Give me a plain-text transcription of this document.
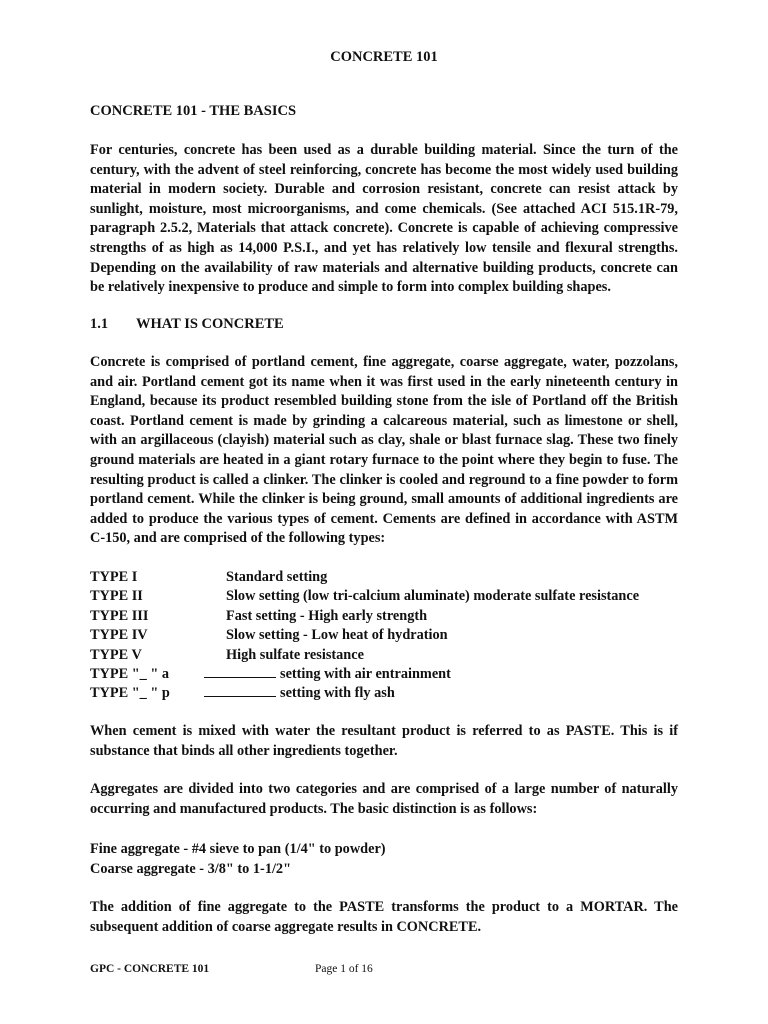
CONCRETE 101
CONCRETE 101 - THE BASICS
For centuries, concrete has been used as a durable building material. Since the turn of the century, with the advent of steel reinforcing, concrete has become the most widely used building material in modern society. Durable and corrosion resistant, concrete can resist attack by sunlight, moisture, most microorganisms, and come chemicals. (See attached ACI 515.1R-79, paragraph 2.5.2, Materials that attack concrete). Concrete is capable of achieving compressive strengths of as high as 14,000 P.S.I., and yet has relatively low tensile and flexural strengths. Depending on the availability of raw materials and alternative building products, concrete can be relatively inexpensive to produce and simple to form into complex building shapes.
1.1 WHAT IS CONCRETE
Concrete is comprised of portland cement, fine aggregate, coarse aggregate, water, pozzolans, and air. Portland cement got its name when it was first used in the early nineteenth century in England, because its product resembled building stone from the isle of Portland off the British coast. Portland cement is made by grinding a calcareous material, such as limestone or shell, with an argillaceous (clayish) material such as clay, shale or blast furnace slag. These two finely ground materials are heated in a giant rotary furnace to the point where they begin to fuse. The resulting product is called a clinker. The clinker is cooled and reground to a fine powder to form portland cement. While the clinker is being ground, small amounts of additional ingredients are added to produce the various types of cement. Cements are defined in accordance with ASTM C-150, and are comprised of the following types:
TYPE I	Standard setting
TYPE II	Slow setting (low tri-calcium aluminate) moderate sulfate resistance
TYPE III	Fast setting - High early strength
TYPE IV	Slow setting - Low heat of hydration
TYPE V	High sulfate resistance
TYPE "_ " a	setting with air entrainment
TYPE "_ " p	setting with fly ash
When cement is mixed with water the resultant product is referred to as PASTE. This is if substance that binds all other ingredients together.
Aggregates are divided into two categories and are comprised of a large number of naturally occurring and manufactured products. The basic distinction is as follows:
Fine aggregate - #4 sieve to pan (1/4" to powder)
Coarse aggregate - 3/8" to 1-1/2"
The addition of fine aggregate to the PASTE transforms the product to a MORTAR. The subsequent addition of coarse aggregate results in CONCRETE.
GPC - CONCRETE 101	Page 1 of 16
